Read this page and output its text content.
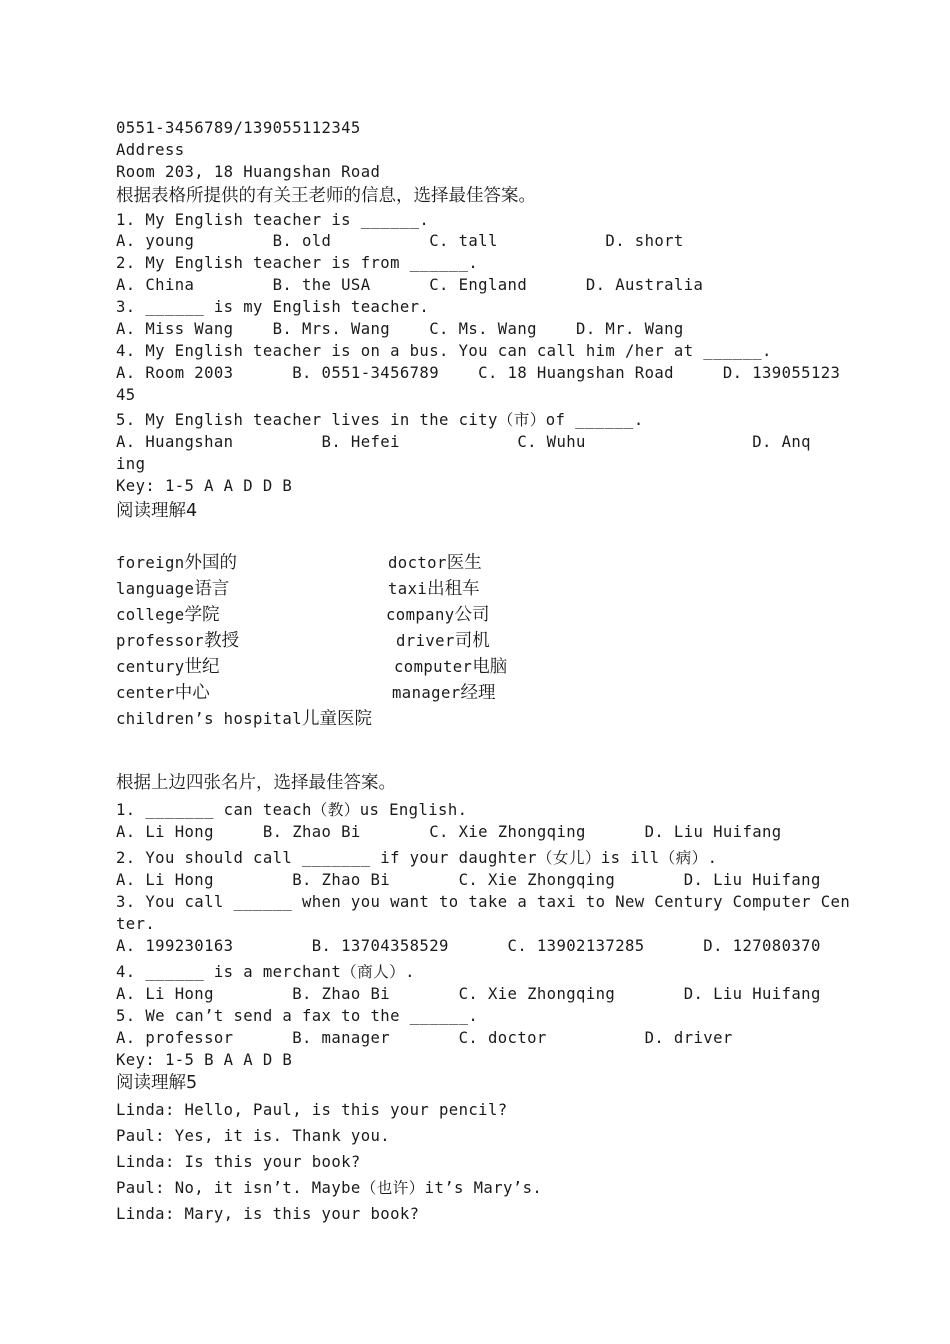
0551-3456789/139055112345
Address
Room 203, 18 Huangshan Road
根据表格所提供的有关王老师的信息，选择最佳答案。
1. My English teacher is ______.
A. young        B. old          C. tall           D. short
2. My English teacher is from ______.
A. China        B. the USA      C. England      D. Australia
3. ______ is my English teacher.
A. Miss Wang    B. Mrs. Wang    C. Ms. Wang    D. Mr. Wang
4. My English teacher is on a bus. You can call him /her at ______.
A. Room 2003      B. 0551-3456789    C. 18 Huangshan Road     D. 139055123
45
5. My English teacher lives in the city（市）of ______.
A. Huangshan         B. Hefei            C. Wuhu                 D. Anq
ing
Key: 1-5 A A D D B
阅读理解4
foreign外国的	doctor医生
language语言	taxi出租车
college学院	company公司
professor教授	driver司机
century世纪	computer电脑
center中心	manager经理
children’s hospital儿童医院
根据上边四张名片，选择最佳答案。
1. _______ can teach（教）us English.
A. Li Hong     B. Zhao Bi       C. Xie Zhongqing      D. Liu Huifang
2. You should call _______ if your daughter（女儿）is ill（病）.
A. Li Hong        B. Zhao Bi       C. Xie Zhongqing       D. Liu Huifang
3. You call ______ when you want to take a taxi to New Century Computer Cen
ter.
A. 199230163        B. 13704358529      C. 13902137285      D. 127080370
4. ______ is a merchant（商人）.
A. Li Hong        B. Zhao Bi       C. Xie Zhongqing       D. Liu Huifang
5. We can’t send a fax to the ______.
A. professor      B. manager       C. doctor          D. driver
Key: 1-5 B A A D B
阅读理解5
Linda: Hello, Paul, is this your pencil?
Paul: Yes, it is. Thank you.
Linda: Is this your book?
Paul: No, it isn’t. Maybe（也许）it’s Mary’s.
Linda: Mary, is this your book?
